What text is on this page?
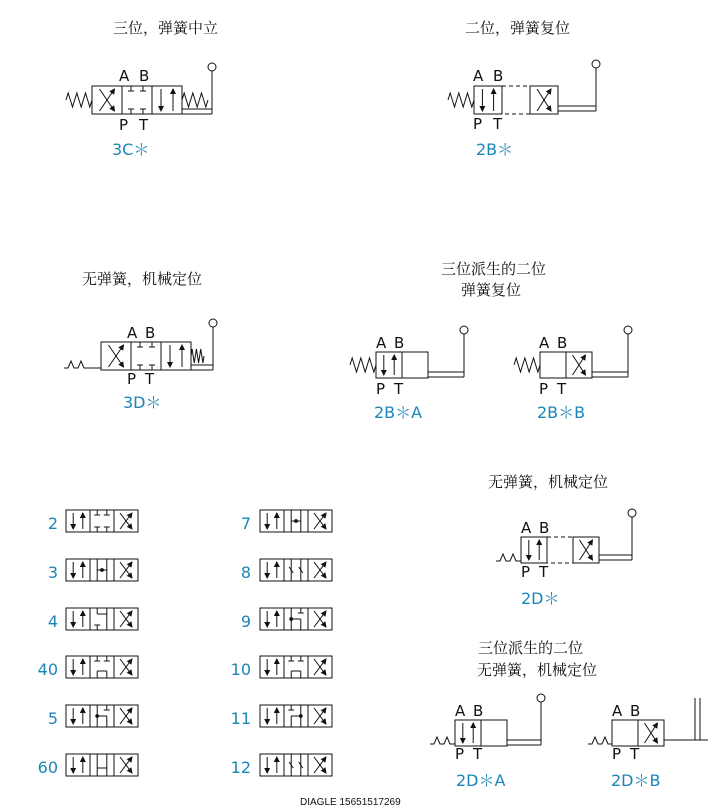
三位，弹簧中立	二位，弹簧复位
无弹簧，机械定位
三位派生的二位
弹簧复位
无弹簧，机械定位
三位派生的二位
无弹簧，机械定位
A B
P T
A B
P T
A B
P T
A B
P T
A B
P T
A B
P T
A B
P T
A B
P T
3C＊	2B＊
3D＊
2B＊A	2B＊B
2D＊
2D＊A	2D＊B
2
3
4
40
5
60
7
8
9
10
11
12
DIAGLE 15651517269
